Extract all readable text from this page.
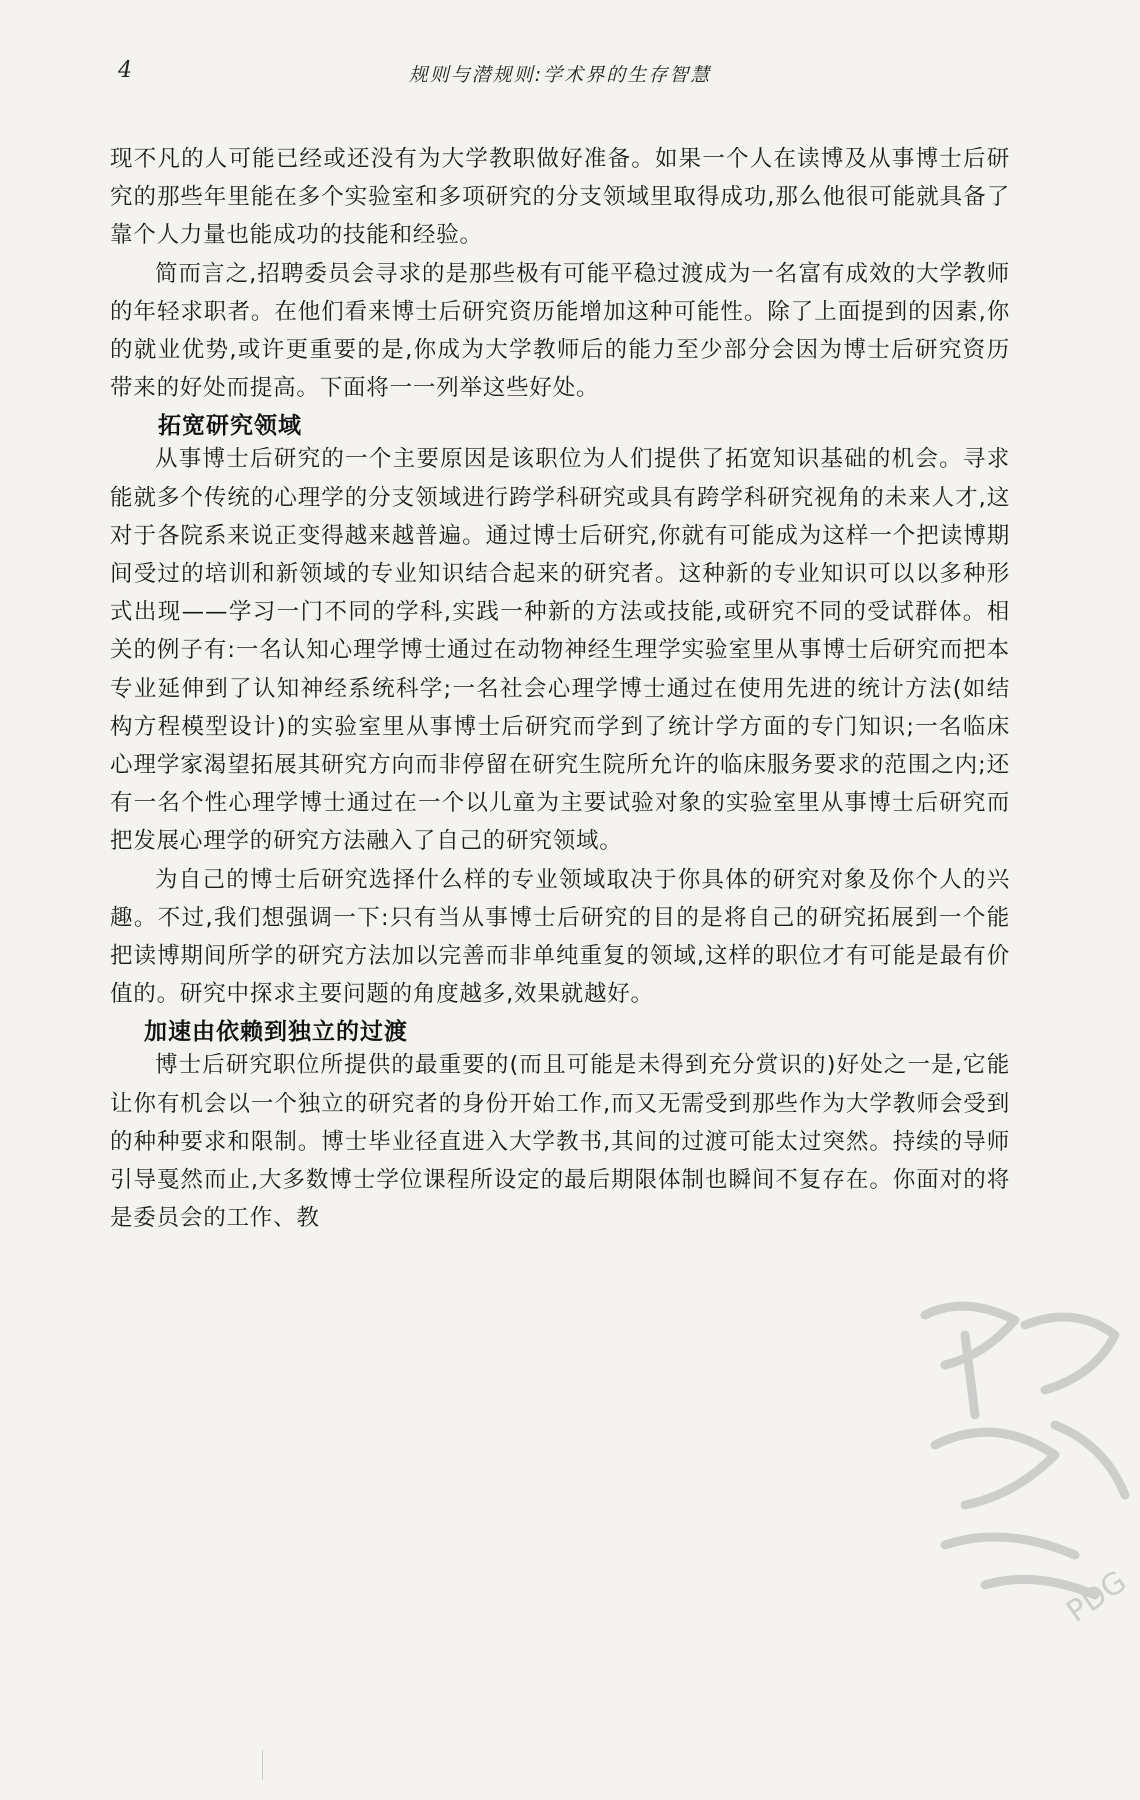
4	规则与潜规则:学术界的生存智慧

现不凡的人可能已经或还没有为大学教职做好准备。如果一个人在读博及从事博士后研究的那些年里能在多个实验室和多项研究的分支领域里取得成功,那么他很可能就具备了靠个人力量也能成功的技能和经验。

简而言之,招聘委员会寻求的是那些极有可能平稳过渡成为一名富有成效的大学教师的年轻求职者。在他们看来博士后研究资历能增加这种可能性。除了上面提到的因素,你的就业优势,或许更重要的是,你成为大学教师后的能力至少部分会因为博士后研究资历带来的好处而提高。下面将一一列举这些好处。

拓宽研究领域

从事博士后研究的一个主要原因是该职位为人们提供了拓宽知识基础的机会。寻求能就多个传统的心理学的分支领域进行跨学科研究或具有跨学科研究视角的未来人才,这对于各院系来说正变得越来越普遍。通过博士后研究,你就有可能成为这样一个把读博期间受过的培训和新领域的专业知识结合起来的研究者。这种新的专业知识可以以多种形式出现——学习一门不同的学科,实践一种新的方法或技能,或研究不同的受试群体。相关的例子有:一名认知心理学博士通过在动物神经生理学实验室里从事博士后研究而把本专业延伸到了认知神经系统科学;一名社会心理学博士通过在使用先进的统计方法(如结构方程模型设计)的实验室里从事博士后研究而学到了统计学方面的专门知识;一名临床心理学家渴望拓展其研究方向而非停留在研究生院所允许的临床服务要求的范围之内;还有一名个性心理学博士通过在一个以儿童为主要试验对象的实验室里从事博士后研究而把发展心理学的研究方法融入了自己的研究领域。

为自己的博士后研究选择什么样的专业领域取决于你具体的研究对象及你个人的兴趣。不过,我们想强调一下:只有当从事博士后研究的目的是将自己的研究拓展到一个能把读博期间所学的研究方法加以完善而非单纯重复的领域,这样的职位才有可能是最有价值的。研究中探求主要问题的角度越多,效果就越好。

加速由依赖到独立的过渡

博士后研究职位所提供的最重要的(而且可能是未得到充分赏识的)好处之一是,它能让你有机会以一个独立的研究者的身份开始工作,而又无需受到那些作为大学教师会受到的种种要求和限制。博士毕业径直进入大学教书,其间的过渡可能太过突然。持续的导师引导戛然而止,大多数博士学位课程所设定的最后期限体制也瞬间不复存在。你面对的将是委员会的工作、教

PDG
